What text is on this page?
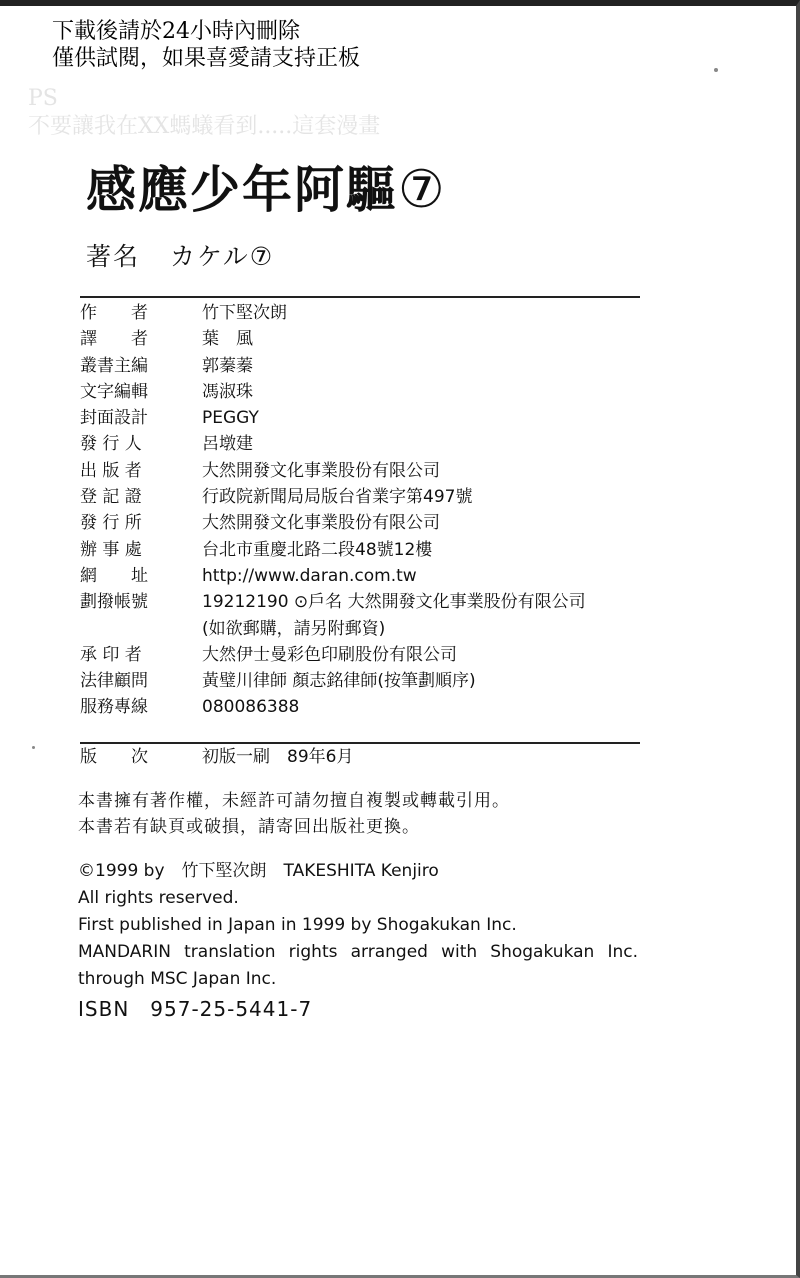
下載後請於24小時內刪除
僅供試閱，如果喜愛請支持正板
PS
不要讓我在XX螞蟻看到.....這套漫畫
感應少年阿驅⑦
著名 カケル⑦
作　　者	竹下堅次朗
譯　　者	葉　風
叢書主編	郭蓁蓁
文字編輯	馮淑珠
封面設計	PEGGY
發 行 人	呂墩建
出 版 者	大然開發文化事業股份有限公司
登 記 證	行政院新聞局局版台省業字第497號
發 行 所	大然開發文化事業股份有限公司
辦 事 處	台北市重慶北路二段48號12樓
網　　址	http://www.daran.com.tw
劃撥帳號	19212190 ⊙戶名 大然開發文化事業股份有限公司
(如欲郵購，請另附郵資)
承 印 者	大然伊士曼彩色印刷股份有限公司
法律顧問	黃璧川律師 顏志銘律師(按筆劃順序)
服務專線	080086388
版　　次	初版一刷　89年6月
本書擁有著作權，未經許可請勿擅自複製或轉載引用。
本書若有缺頁或破損，請寄回出版社更換。
©1999 by　竹下堅次朗　TAKESHITA Kenjiro
All rights reserved.
First published in Japan in 1999 by Shogakukan Inc.
MANDARIN translation rights arranged with Shogakukan Inc.
through MSC Japan Inc.
ISBN　957-25-5441-7
